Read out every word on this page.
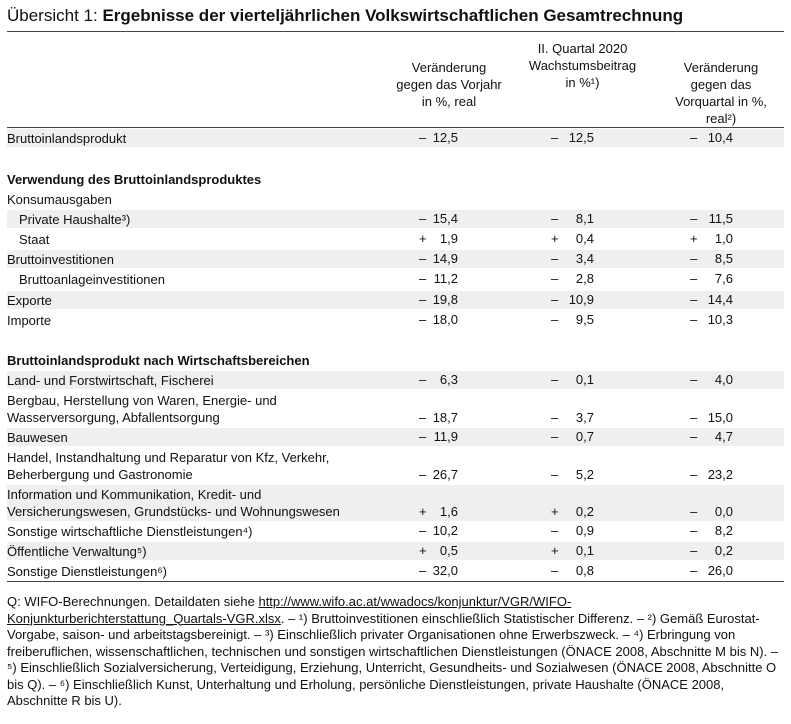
Übersicht 1: Ergebnisse der vierteljährlichen Volkswirtschaftlichen Gesamtrechnung
Veränderung
gegen das Vorjahr
in %, real
II. Quartal 2020
Wachstumsbeitrag
in %¹)
Veränderung
gegen das
Vorquartal in %,
real²)
Bruttoinlandsprodukt	– 12,5	– 12,5	– 10,4
Verwendung des Bruttoinlandsproduktes
Konsumausgaben
Private Haushalte³)	– 15,4	– 8,1	– 11,5
Staat	+ 1,9	+ 0,4	+ 1,0
Bruttoinvestitionen	– 14,9	– 3,4	– 8,5
Bruttoanlageinvestitionen	– 11,2	– 2,8	– 7,6
Exporte	– 19,8	– 10,9	– 14,4
Importe	– 18,0	– 9,5	– 10,3
Bruttoinlandsprodukt nach Wirtschaftsbereichen
Land- und Forstwirtschaft, Fischerei	– 6,3	– 0,1	– 4,0
Bergbau, Herstellung von Waren, Energie- und
Wasserversorgung, Abfallentsorgung	– 18,7	– 3,7	– 15,0
Bauwesen	– 11,9	– 0,7	– 4,7
Handel, Instandhaltung und Reparatur von Kfz, Verkehr,
Beherbergung und Gastronomie	– 26,7	– 5,2	– 23,2
Information und Kommunikation, Kredit- und
Versicherungswesen, Grundstücks- und Wohnungswesen	+ 1,6	+ 0,2	– 0,0
Sonstige wirtschaftliche Dienstleistungen⁴)	– 10,2	– 0,9	– 8,2
Öffentliche Verwaltung⁵)	+ 0,5	+ 0,1	– 0,2
Sonstige Dienstleistungen⁶)	– 32,0	– 0,8	– 26,0
Q: WIFO-Berechnungen. Detaildaten siehe http://www.wifo.ac.at/wwadocs/konjunktur/VGR/WIFO-Konjunkturberichterstattung_Quartals-VGR.xlsx. – ¹) Bruttoinvestitionen einschließlich Statistischer Differenz. – ²) Gemäß Eurostat-Vorgabe, saison- und arbeitstagsbereinigt. – ³) Einschließlich privater Organisationen ohne Erwerbszweck. – ⁴) Erbringung von freiberuflichen, wissenschaftlichen, technischen und sonstigen wirtschaftlichen Dienstleistungen (ÖNACE 2008, Abschnitte M bis N). – ⁵) Einschließlich Sozialversicherung, Verteidigung, Erziehung, Unterricht, Gesundheits- und Sozialwesen (ÖNACE 2008, Abschnitte O bis Q). – ⁶) Einschließlich Kunst, Unterhaltung und Erholung, persönliche Dienstleistungen, private Haushalte (ÖNACE 2008, Abschnitte R bis U).
